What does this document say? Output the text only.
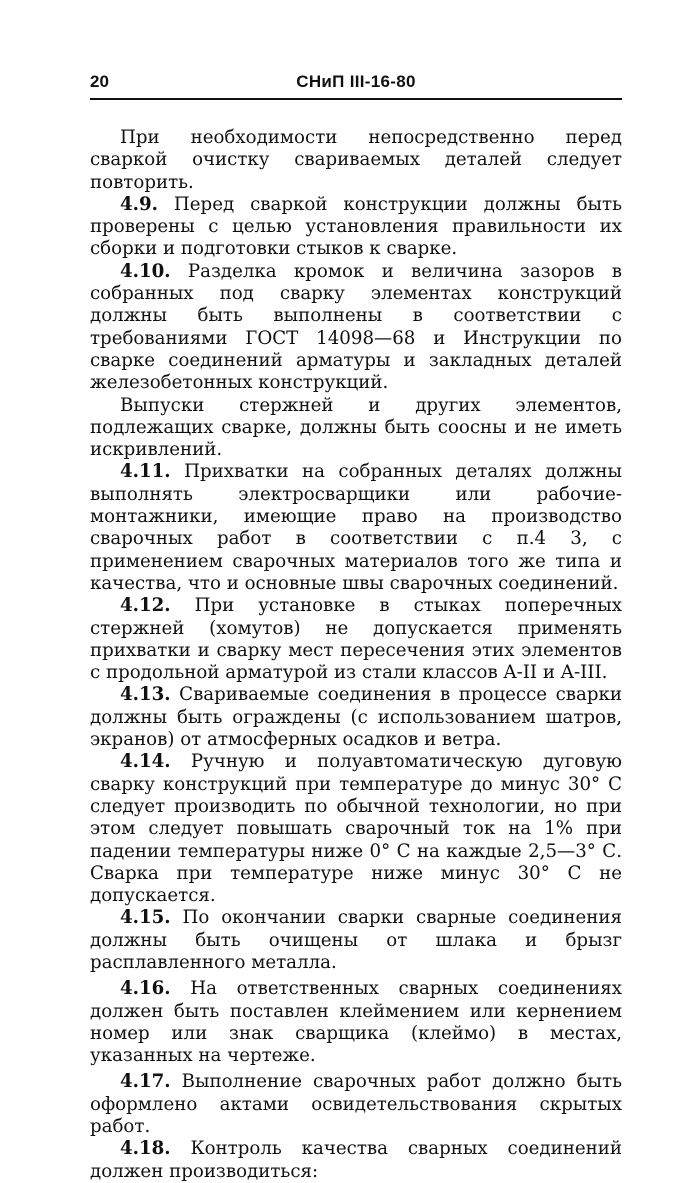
20	СНиП III-16-80

При необходимости непосредственно перед сваркой очистку свариваемых деталей следует повторить.

4.9. Перед сваркой конструкции должны быть проверены с целью установления правильности их сборки и подготовки стыков к сварке.

4.10. Разделка кромок и величина зазоров в собранных под сварку элементах конструкций должны быть выполнены в соответствии с требованиями ГОСТ 14098—68 и Инструкции по сварке соединений арматуры и закладных деталей железобетонных конструкций.

Выпуски стержней и других элементов, подлежащих сварке, должны быть соосны и не иметь искривлений.

4.11. Прихватки на собранных деталях должны выполнять электросварщики или рабочие-монтажники, имеющие право на производство сварочных работ в соответствии с п.4 3, с применением сварочных материалов того же типа и качества, что и основные швы сварочных соединений.

4.12. При установке в стыках поперечных стержней (хомутов) не допускается применять прихватки и сварку мест пересечения этих элементов с продольной арматурой из стали классов A-II и A-III.

4.13. Свариваемые соединения в процессе сварки должны быть ограждены (с использованием шатров, экранов) от атмосферных осадков и ветра.

4.14. Ручную и полуавтоматическую дуговую сварку конструкций при температуре до минус 30° С следует производить по обычной технологии, но при этом следует повышать сварочный ток на 1% при падении температуры ниже 0° С на каждые 2,5—3° С. Сварка при температуре ниже минус 30° С не допускается.

4.15. По окончании сварки сварные соединения должны быть очищены от шлака и брызг расплавленного металла.

4.16. На ответственных сварных соединениях должен быть поставлен клеймением или кернением номер или знак сварщика (клеймо) в местах, указанных на чертеже.

4.17. Выполнение сварочных работ должно быть оформлено актами освидетельствования скрытых работ.

4.18. Контроль качества сварных соединений должен производиться:
